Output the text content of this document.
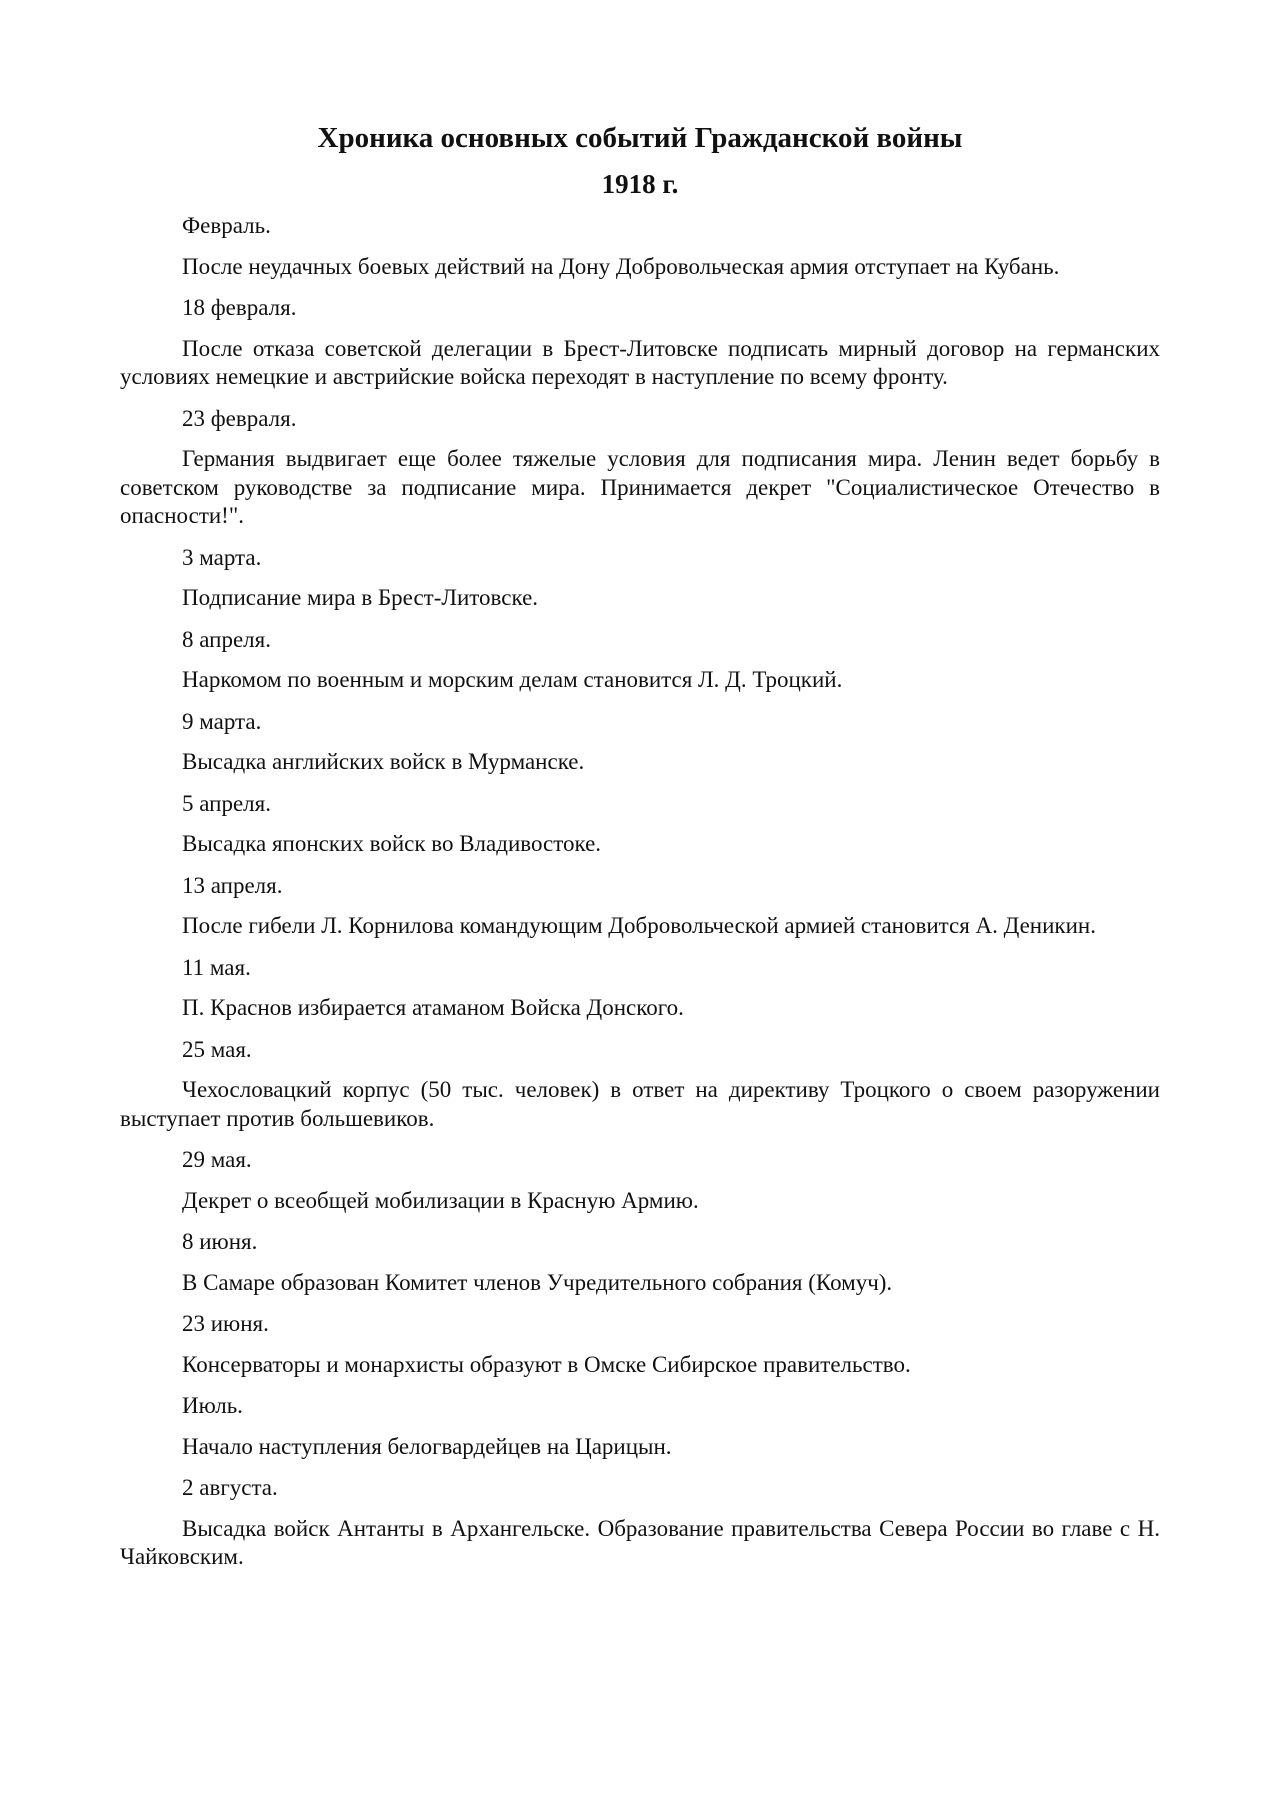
Хроника основных событий Гражданской войны
1918 г.

Февраль.

После неудачных боевых действий на Дону Добровольческая армия отступает на Кубань.

18 февраля.

После отказа советской делегации в Брест-Литовске подписать мирный договор на германских условиях немецкие и австрийские войска переходят в наступление по всему фронту.

23 февраля.

Германия выдвигает еще более тяжелые условия для подписания мира. Ленин ведет борьбу в советском руководстве за подписание мира. Принимается декрет "Социалистическое Отечество в опасности!".

3 марта.

Подписание мира в Брест-Литовске.

8 апреля.

Наркомом по военным и морским делам становится Л. Д. Троцкий.

9 марта.

Высадка английских войск в Мурманске.

5 апреля.

Высадка японских войск во Владивостоке.

13 апреля.

После гибели Л. Корнилова командующим Добровольческой армией становится А. Деникин.

11 мая.

П. Краснов избирается атаманом Войска Донского.

25 мая.

Чехословацкий корпус (50 тыс. человек) в ответ на директиву Троцкого о своем разоружении выступает против большевиков.

29 мая.

Декрет о всеобщей мобилизации в Красную Армию.

8 июня.

В Самаре образован Комитет членов Учредительного собрания (Комуч).

23 июня.

Консерваторы и монархисты образуют в Омске Сибирское правительство.

Июль.

Начало наступления белогвардейцев на Царицын.

2 августа.

Высадка войск Антанты в Архангельске. Образование правительства Севера России во главе с Н. Чайковским.
